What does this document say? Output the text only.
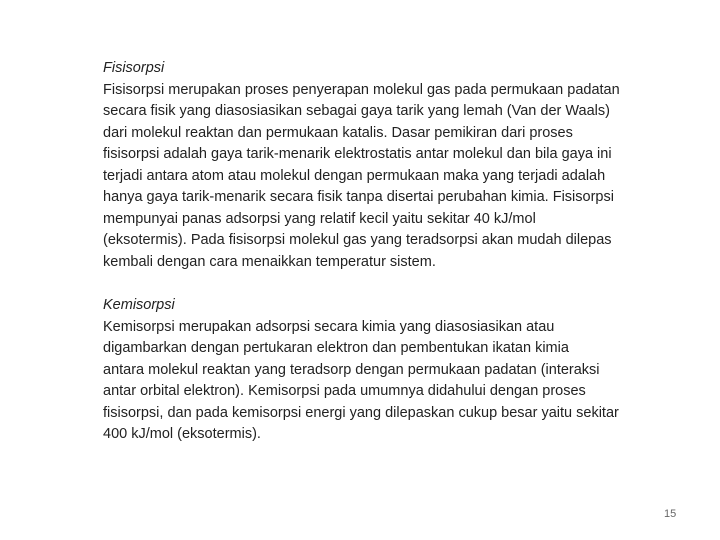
Fisisorpsi

Fisisorpsi merupakan proses penyerapan molekul gas pada permukaan padatan
secara fisik yang diasosiasikan sebagai gaya tarik yang lemah (Van der Waals)
dari molekul reaktan dan permukaan katalis. Dasar pemikiran dari proses
fisisorpsi adalah gaya tarik-menarik elektrostatis antar molekul dan bila gaya ini
terjadi antara atom atau molekul dengan permukaan maka yang terjadi adalah
hanya gaya tarik-menarik secara fisik tanpa disertai perubahan kimia. Fisisorpsi
mempunyai panas adsorpsi yang relatif kecil yaitu sekitar 40 kJ/mol
(eksotermis). Pada fisisorpsi molekul gas yang teradsorpsi akan mudah dilepas
kembali dengan cara menaikkan temperatur sistem.

Kemisorpsi

Kemisorpsi merupakan adsorpsi secara kimia yang diasosiasikan atau
digambarkan dengan pertukaran elektron dan pembentukan ikatan kimia
antara molekul reaktan yang teradsorp dengan permukaan padatan (interaksi
antar orbital elektron). Kemisorpsi pada umumnya didahului dengan proses
fisisorpsi, dan pada kemisorpsi energi yang dilepaskan cukup besar yaitu sekitar
400 kJ/mol (eksotermis).

15
